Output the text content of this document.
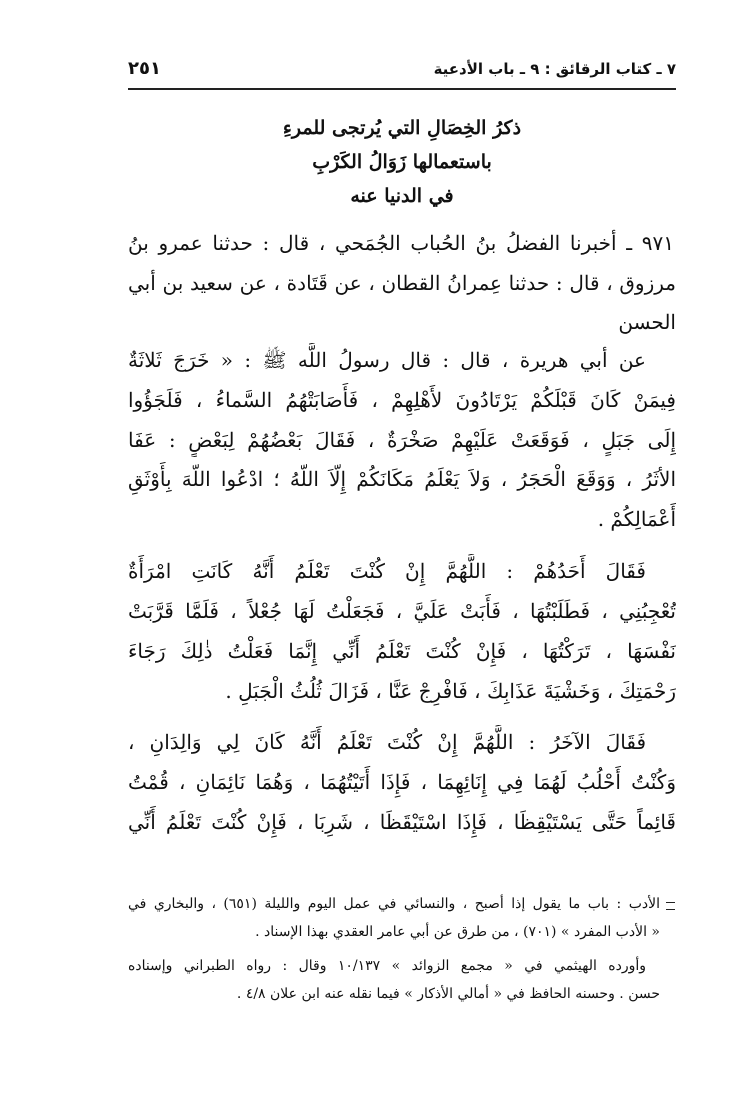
٧ ـ كتاب الرقائق : ٩ ـ باب الأدعية
٢٥١
ذكرُ الخِصَالِ التي يُرتجى للمرءِ
باستعمالها زَوَالُ الكَرْبِ
في الدنيا عنه
٩٧١ ـ أخبرنا الفضلُ بنُ الحُباب الجُمَحي ، قال : حدثنا عمرو بنُ
مرزوق ، قال : حدثنا عِمرانُ القطان ، عن قَتَادة ، عن سعيد بن أبي
الحسن
عن أبي هريرة ، قال : قال رسولُ اللَّه ﷺ : « خَرَجَ ثَلاثَةٌ
فِيمَنْ كَانَ قَبْلَكُمْ يَرْتَادُونَ لأَهْلِهِمْ ، فَأَصَابَتْهُمُ السَّماءُ ، فَلَجَؤُوا
إِلَى جَبَلٍ ، فَوَقَعَتْ عَلَيْهِمْ صَخْرَةٌ ، فَقَالَ بَعْضُهُمْ لِبَعْضٍ : عَفَا
الأثَرُ ، وَوَقَعَ الْحَجَرُ ، وَلاَ يَعْلَمُ مَكَانَكُمْ إِلّاَ اللّهُ ؛ ادْعُوا اللّهَ بِأَوْثَقِ
أَعْمَالِكُمْ .
فَقَالَ أَحَدُهُمْ : اللَّهُمَّ إِنْ كُنْتَ تَعْلَمُ أَنَّهُ كَانَتِ امْرَأَةٌ
تُعْجِبُنِي ، فَطَلَبْتُهَا ، فَأَبَتْ عَلَيَّ ، فَجَعَلْتُ لَهَا جُعْلاً ، فَلَمَّا قَرَّبَتْ
نَفْسَهَا ، تَرَكْتُهَا ، فَإِنْ كُنْتَ تَعْلَمُ أَنِّي إِنَّمَا فَعَلْتُ ذٰلِكَ رَجَاءَ
رَحْمَتِكَ ، وَخَشْيَةَ عَذَابِكَ ، فَافْرِجْ عَنَّا ، فَزَالَ ثُلُثُ الْجَبَلِ .
فَقَالَ الآخَرُ : اللَّهُمَّ إِنْ كُنْتَ تَعْلَمُ أَنَّهُ كَانَ لِي وَالِدَانِ ،
وَكُنْتُ أَحْلُبُ لَهُمَا فِي إِنَائِهِمَا ، فَإِذَا أَتَيْتُهُمَا ، وَهُمَا نَائِمَانِ ، قُمْتُ
قَائِماً حَتَّى يَسْتَيْقِظَا ، فَإِذَا اسْتَيْقَظَا ، شَرِبَا ، فَإِنْ كُنْتَ تَعْلَمُ أَنِّي
الأدب : باب ما يقول إذا أصبح ، والنسائي في عمل اليوم والليلة (٦٥١) ، والبخاري في
« الأدب المفرد » (٧٠١) ، من طرق عن أبي عامر العقدي بهذا الإسناد .
وأورده الهيثمي في « مجمع الزوائد » ١٠/١٣٧ وقال : رواه الطبراني وإسناده
حسن . وحسنه الحافظ في « أمالي الأذكار » فيما نقله عنه ابن علان ٤/٨ .
